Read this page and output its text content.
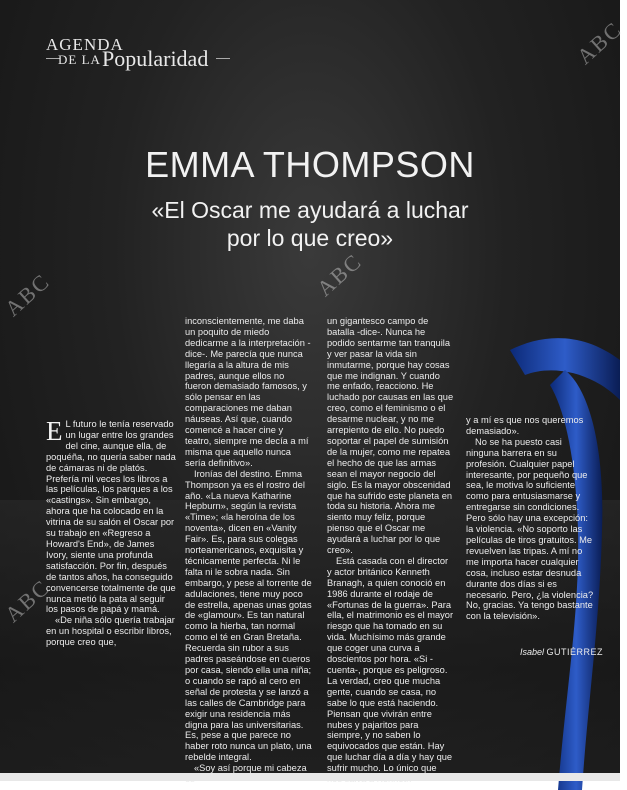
AGENDA
DE LA Popularidad
EMMA THOMPSON
«El Oscar me ayudará a luchar por lo que creo»
ABC	ABC
ABC
ABC

E L futuro le tenía reservado un lugar entre los grandes del cine, aunque ella, de poquéña, no quería saber nada de cámaras ni de platós. Prefería mil veces los libros a las películas, los parques a los «castings». Sin embargo, ahora que ha colocado en la vitrina de su salón el Oscar por su trabajo en «Regreso a Howard's End», de James Ivory, siente una profunda satisfacción. Por fin, después de tantos años, ha conseguido convencerse totalmente de que nunca metió la pata al seguir los pasos de papá y mamá.

«De niña sólo quería trabajar en un hospital o escribir libros, porque creo que,

inconscientemente, me daba un poquito de miedo dedicarme a la interpretación -dice-. Me parecía que nunca llegaría a la altura de mis padres, aunque ellos no fueron demasiado famosos, y sólo pensar en las comparaciones me daban náuseas. Así que, cuando comencé a hacer cine y teatro, siempre me decía a mí misma que aquello nunca sería definitivo».

Ironías del destino. Emma Thompson ya es el rostro del año. «La nueva Katharine Hepburn», según la revista «Time»; «la heroína de los noventa», dicen en «Vanity Fair». Es, para sus colegas norteamericanos, exquisita y técnicamente perfecta. Ni le falta ni le sobra nada. Sin embargo, y pese al torrente de adulaciones, tiene muy poco de estrella, apenas unas gotas de «glamour». Es tan natural como la hierba, tan normal como el té en Gran Bretaña. Recuerda sin rubor a sus padres paseándose en cueros por casa, siendo ella una niña; o cuando se rapó al cero en señal de protesta y se lanzó a las calles de Cambridge para exigir una residencia más digna para las universitarias. Es, pese a que parece no haber roto nunca un plato, una rebelde integral.

«Soy así porque mi cabeza

un gigantesco campo de batalla -dice-. Nunca he podido sentarme tan tranquila y ver pasar la vida sin inmutarme, porque hay cosas que me indignan. Y cuando me enfado, reacciono. He luchado por causas en las que creo, como el feminismo o el desarme nuclear, y no me arrepiento de ello. No puedo soportar el papel de sumisión de la mujer, como me repatea el hecho de que las armas sean el mayor negocio del siglo. Es la mayor obscenidad que ha sufrido este planeta en toda su historia. Ahora me siento muy feliz, porque pienso que el Oscar me ayudará a luchar por lo que creo».

Está casada con el director y actor británico Kenneth Branagh, a quien conoció en 1986 durante el rodaje de «Fortunas de la guerra». Para ella, el matrimonio es el mayor riesgo que ha tomado en su vida. Muchísimo más grande que coger una curva a doscientos por hora. «Si -cuenta-, porque es peligroso. La verdad, creo que mucha gente, cuando se casa, no sabe lo que está haciendo. Piensan que vivirán entre nubes y pajaritos para siempre, y no saben lo equivocados que están. Hay que luchar día a día y hay que sufrir mucho. Lo único que

y a mí es que nos queremos demasiado».

No se ha puesto casi ninguna barrera en su profesión. Cualquier papel interesante, por pequeño que sea, le motiva lo suficiente como para entusiasmarse y entregarse sin condiciones. Pero sólo hay una excepción: la violencia. «No soporto las películas de tiros gratuitos. Me revuelven las tripas. A mí no me importa hacer cualquier cosa, incluso estar desnuda durante dos días si es necesario. Pero, ¿la violencia? No, gracias. Ya tengo bastante con la televisión».

Isabel GUTIÉRREZ
